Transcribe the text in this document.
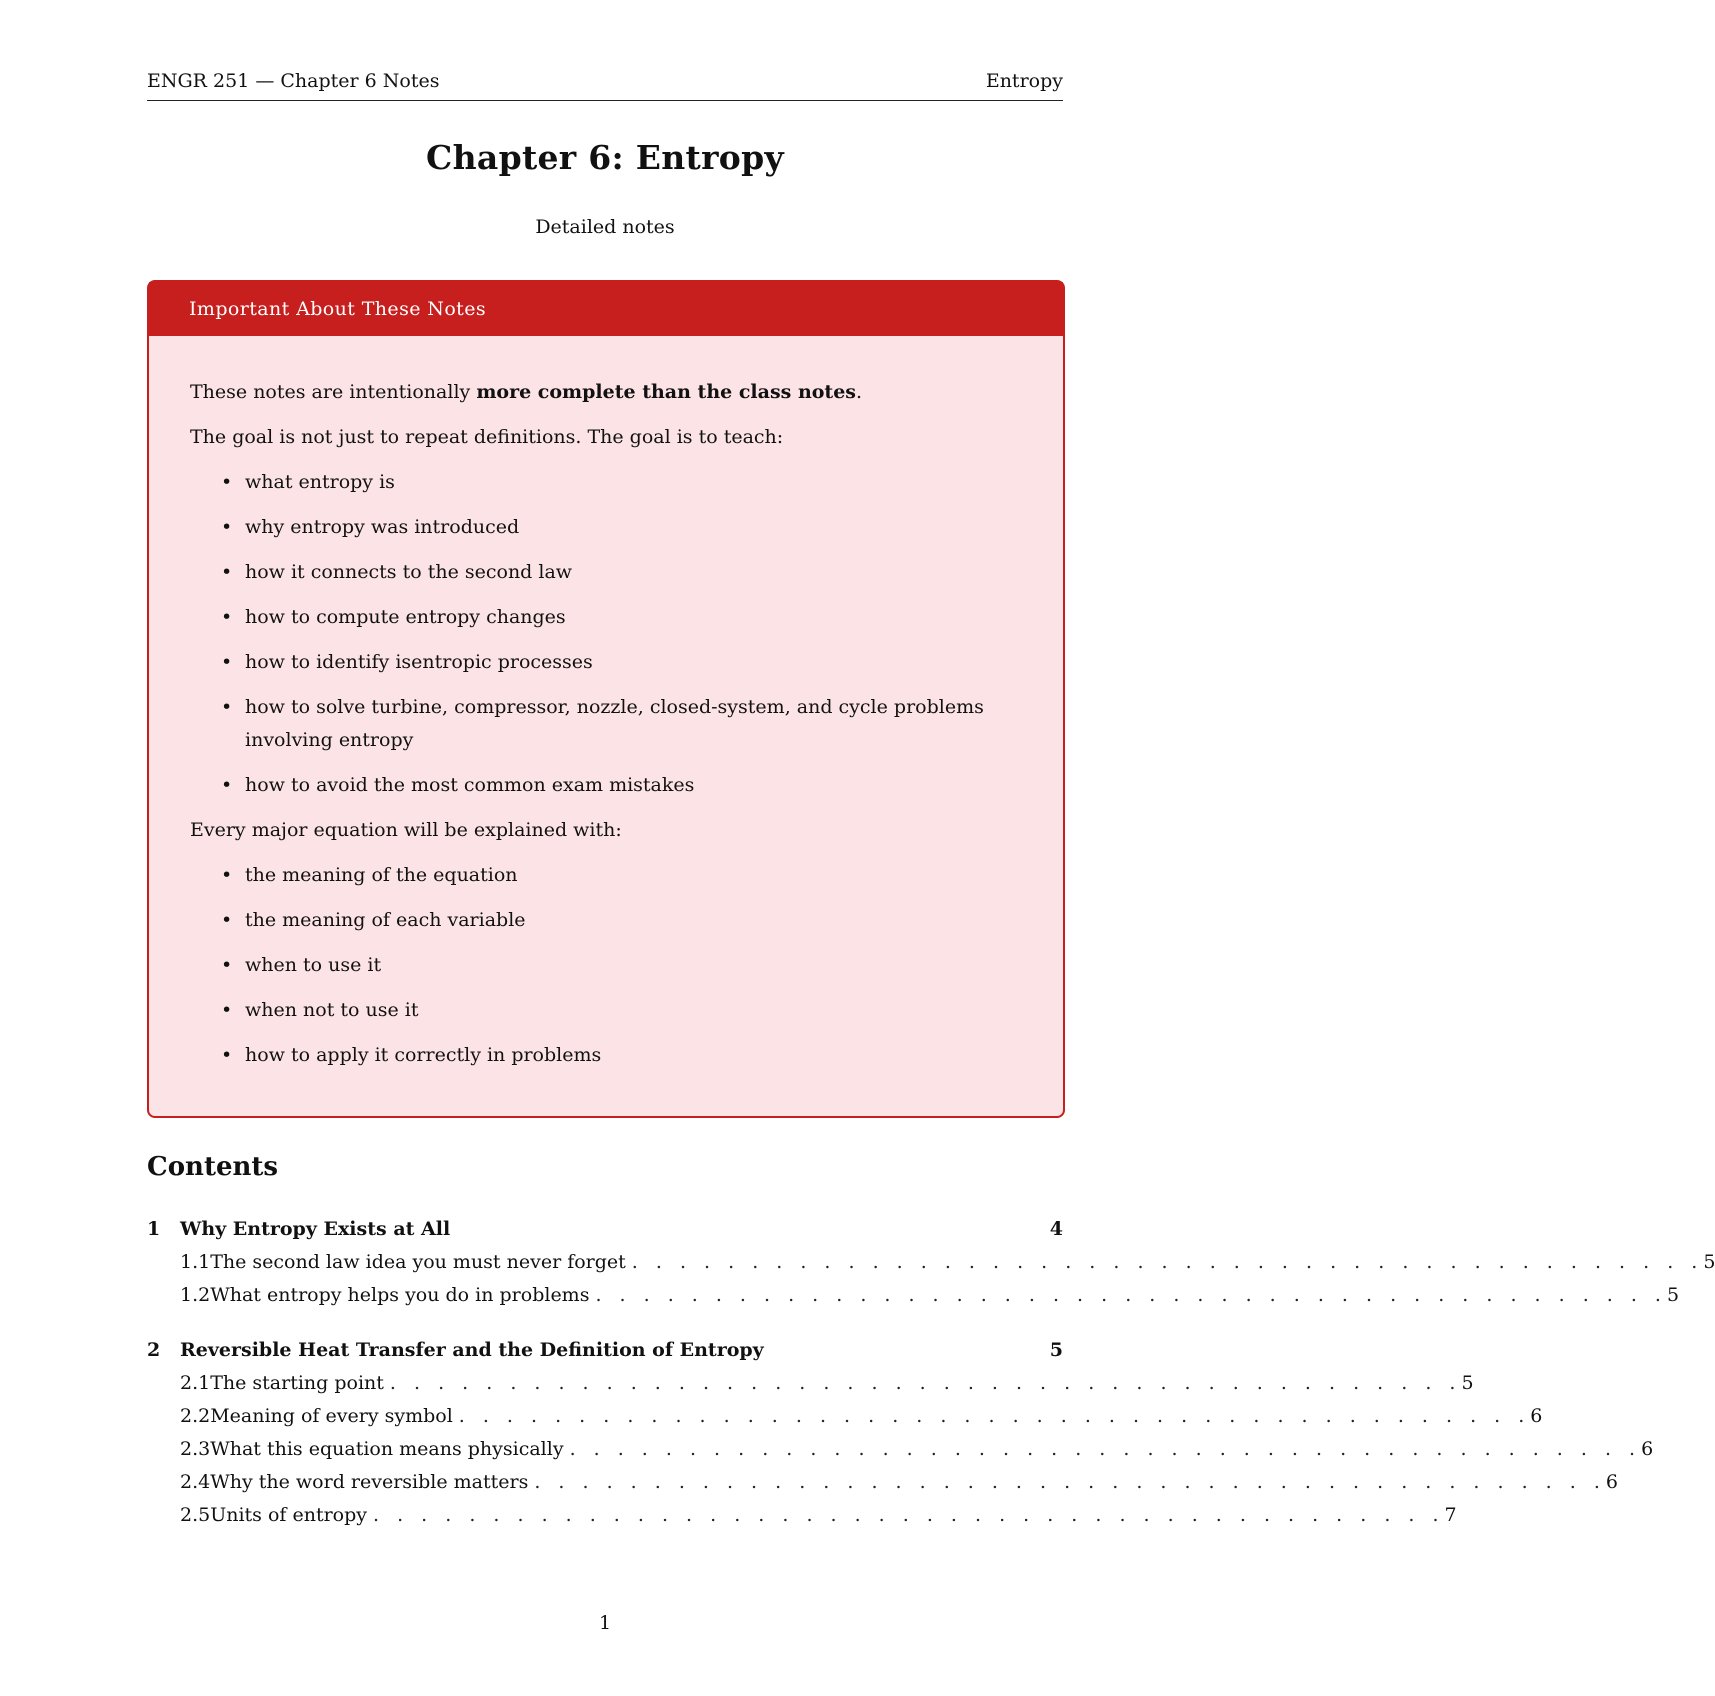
ENGR 251 — Chapter 6 Notes	Entropy
Chapter 6: Entropy
Detailed notes
Important About These Notes

These notes are intentionally more complete than the class notes.

The goal is not just to repeat definitions. The goal is to teach:

• what entropy is
• why entropy was introduced
• how it connects to the second law
• how to compute entropy changes
• how to identify isentropic processes
• how to solve turbine, compressor, nozzle, closed-system, and cycle problems involving entropy
• how to avoid the most common exam mistakes

Every major equation will be explained with:

• the meaning of the equation
• the meaning of each variable
• when to use it
• when not to use it
• how to apply it correctly in problems
Contents
1	Why Entropy Exists at All	4
1.1 The second law idea you must never forget . . . . . . . . . . . . . . . . . . . . . . . . . . . . . . . . . . . . . . . . . . . . . 5
1.2 What entropy helps you do in problems . . . . . . . . . . . . . . . . . . . . . . . . . . . . . . . . . . . . . . . . . . . . . 5
2	Reversible Heat Transfer and the Definition of Entropy	5
2.1 The starting point . . . . . . . . . . . . . . . . . . . . . . . . . . . . . . . . . . . . . . . . . . . . . 5
2.2 Meaning of every symbol . . . . . . . . . . . . . . . . . . . . . . . . . . . . . . . . . . . . . . . . . . . . . 6
2.3 What this equation means physically . . . . . . . . . . . . . . . . . . . . . . . . . . . . . . . . . . . . . . . . . . . . . 6
2.4 Why the word reversible matters . . . . . . . . . . . . . . . . . . . . . . . . . . . . . . . . . . . . . . . . . . . . . 6
2.5 Units of entropy . . . . . . . . . . . . . . . . . . . . . . . . . . . . . . . . . . . . . . . . . . . . . 7
1
